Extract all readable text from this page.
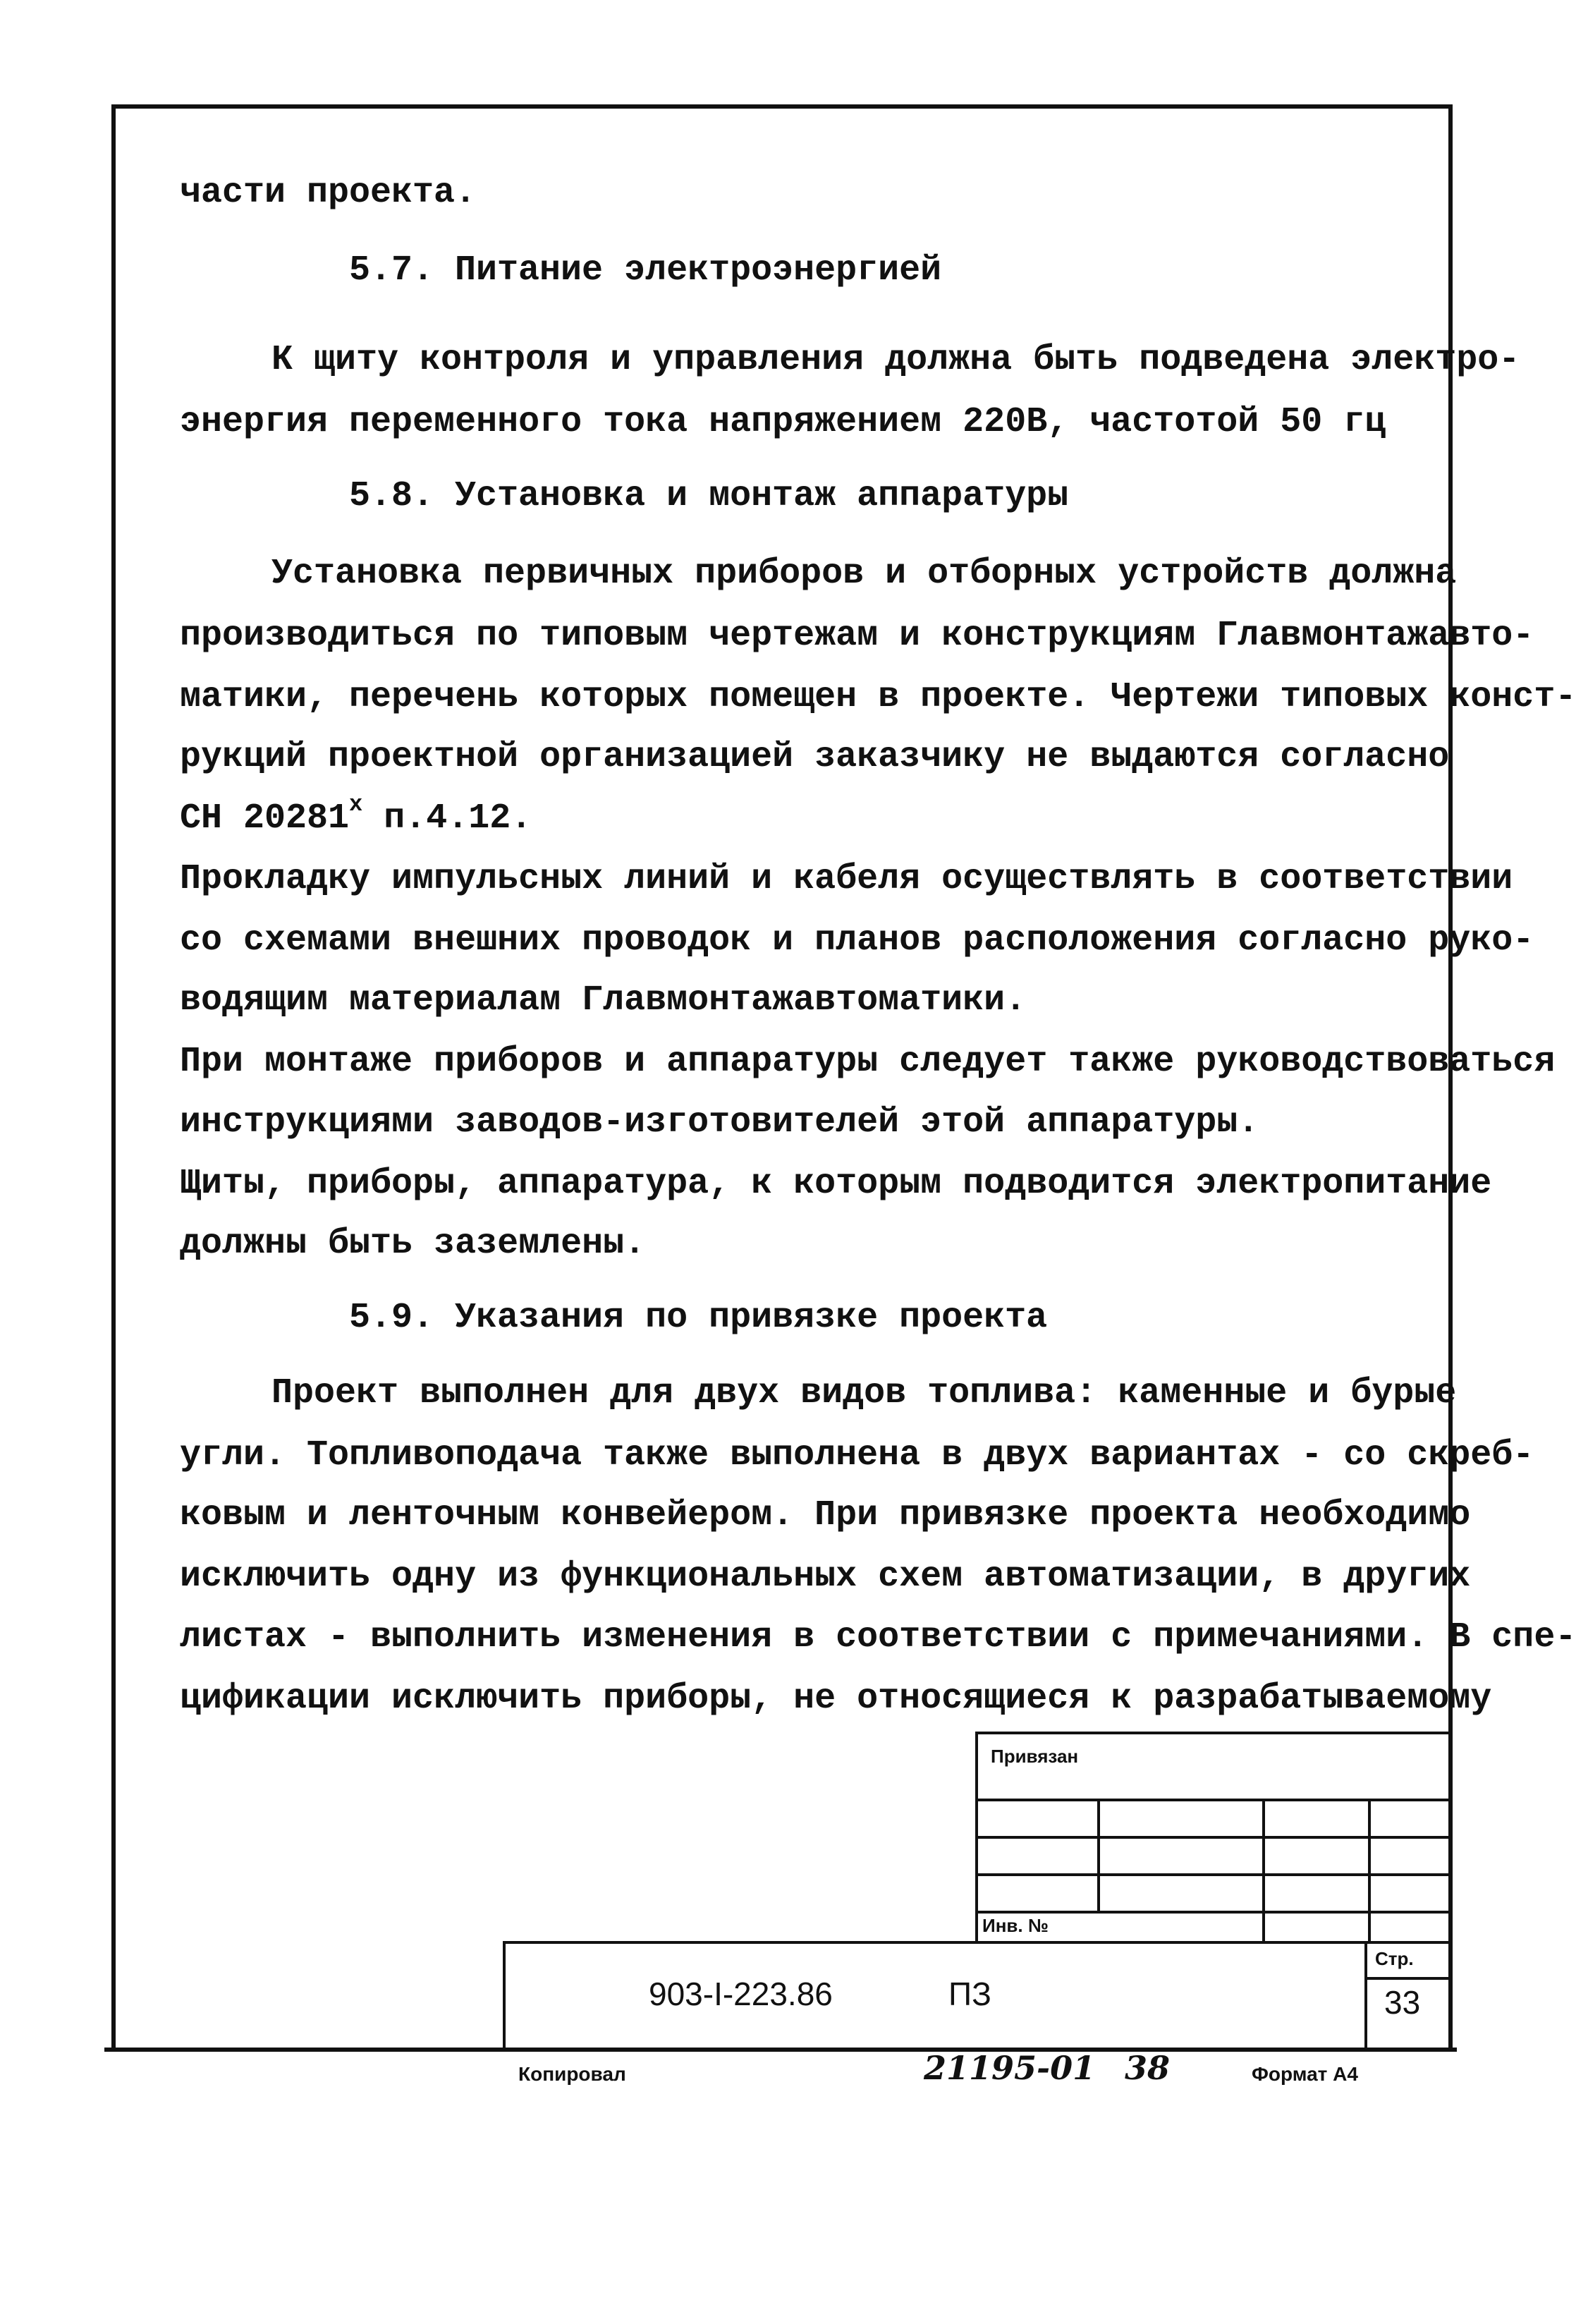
части проекта.
5.7. Питание электроэнергией
К щиту контроля и управления должна быть подведена электро-
энергия переменного тока напряжением 220В, частотой 50 гц
5.8. Установка и монтаж аппаратуры
Установка первичных приборов и отборных устройств должна
производиться по типовым чертежам и конструкциям Главмонтажавто-
матики, перечень которых помещен в проекте. Чертежи типовых конст-
рукций проектной организацией заказчику не выдаются согласно
СН $20281^х$ п.4.12.
Прокладку импульсных линий и кабеля осуществлять в соответствии
со схемами внешних проводок и планов расположения согласно руко-
водящим материалам Главмонтажавтоматики.
При монтаже приборов и аппаратуры следует также руководствоваться
инструкциями заводов-изготовителей этой аппаратуры.
Щиты, приборы, аппаратура, к которым подводится электропитание
должны быть заземлены.
5.9. Указания по привязке проекта
Проект выполнен для двух видов топлива: каменные и бурые
угли. Топливоподача также выполнена в двух вариантах - со скреб-
ковым и ленточным конвейером. При привязке проекта необходимо
исключить одну из функциональных схем автоматизации, в других
листах - выполнить изменения в соответствии с примечаниями. В спе-
цификации исключить приборы, не относящиеся к разрабатываемому
Привязан
Инв. №
903-I-223.86	ПЗ
Стр.
33
Копировал	21195-01 38	Формат А4
